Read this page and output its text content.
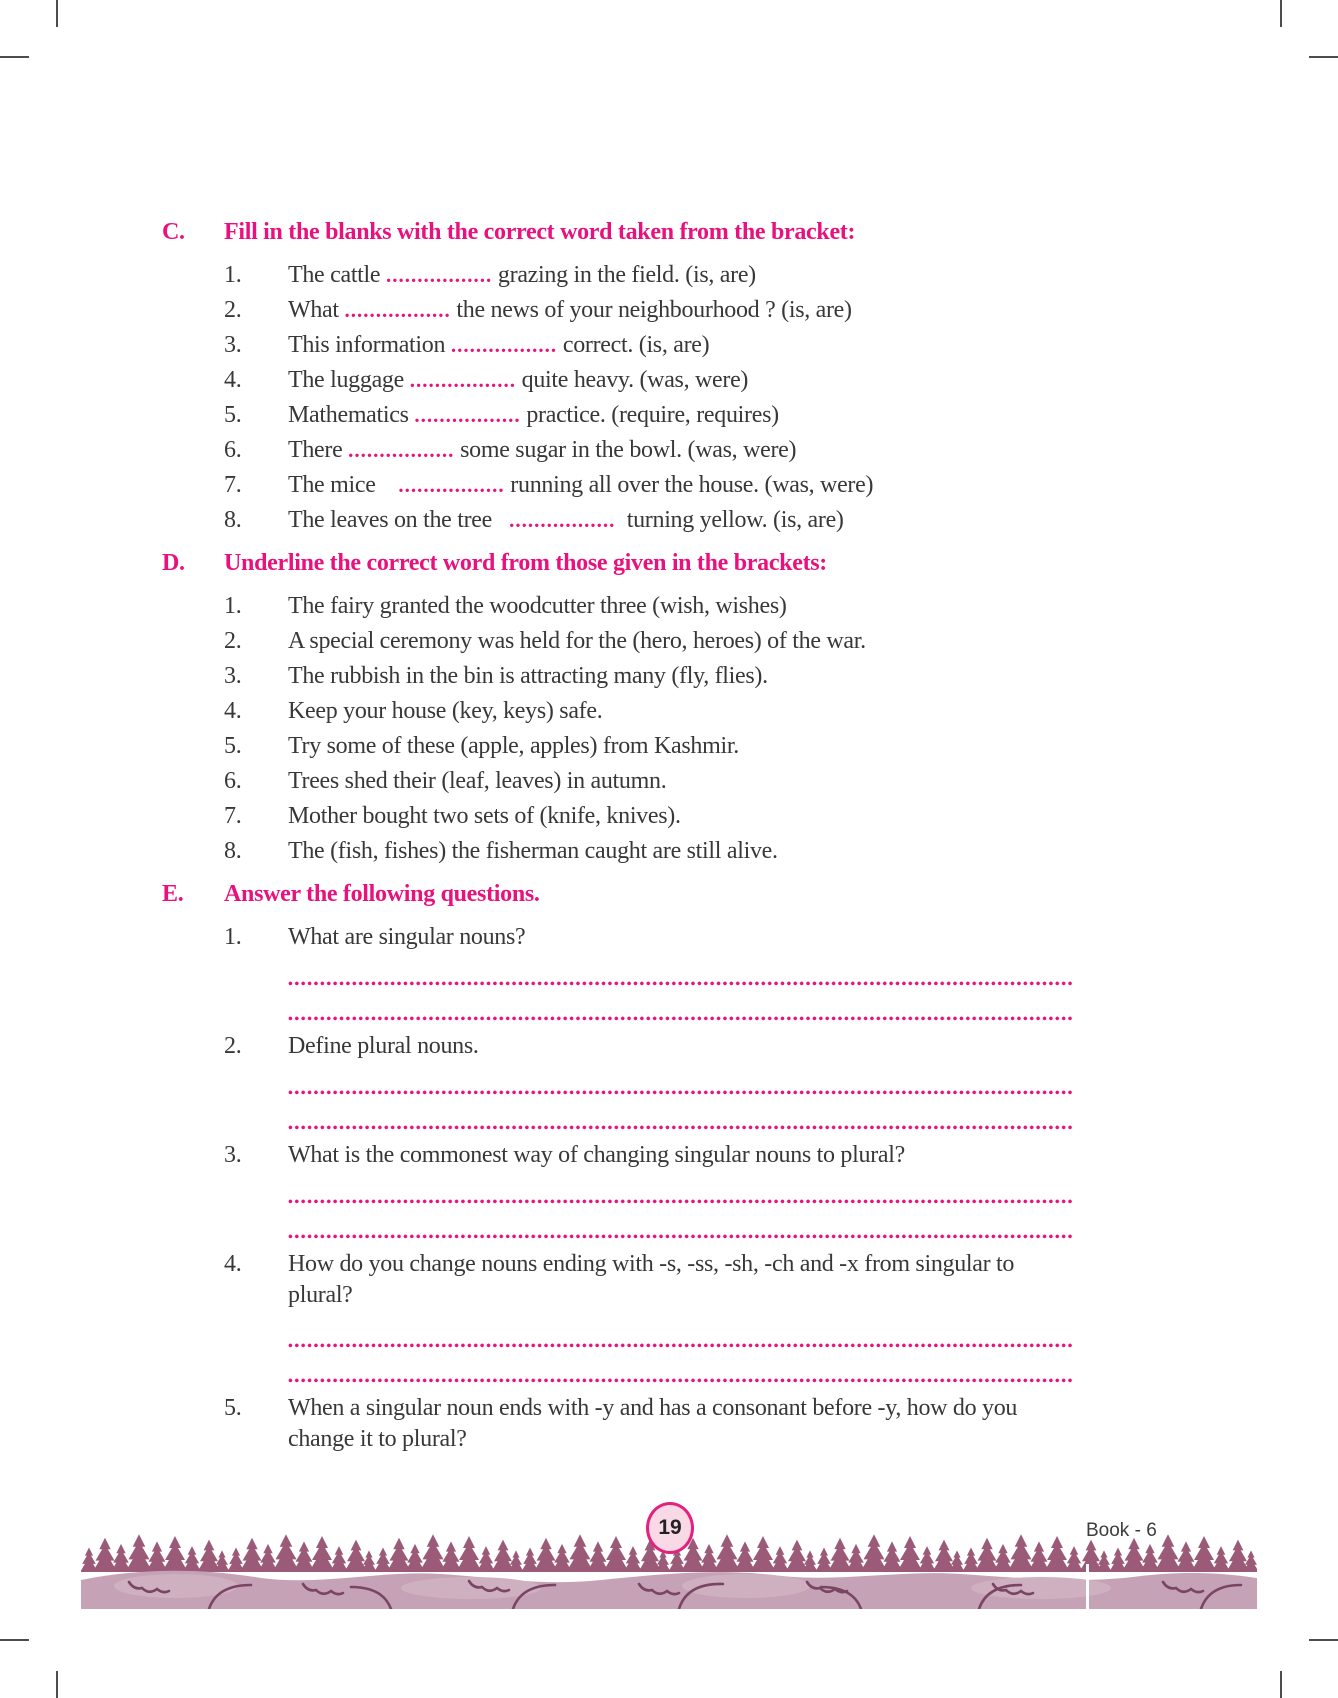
C.	Fill in the blanks with the correct word taken from the bracket:
1.	The cattle ................. grazing in the field. (is, are)
2.	What ................. the news of your neighbourhood ? (is, are)
3.	This information ................. correct. (is, are)
4.	The luggage ................. quite heavy. (was, were)
5.	Mathematics ................. practice. (require, requires)
6.	There ................. some sugar in the bowl. (was, were)
7.	The mice    ................. running all over the house. (was, were)
8.	The leaves on the tree   .................  turning yellow. (is, are)
D.	Underline the correct word from those given in the brackets:
1.	The fairy granted the woodcutter three (wish, wishes)
2.	A special ceremony was held for the (hero, heroes) of the war.
3.	The rubbish in the bin is attracting many (fly, flies).
4.	Keep your house (key, keys) safe.
5.	Try some of these (apple, apples) from Kashmir.
6.	Trees shed their (leaf, leaves) in autumn.
7.	Mother bought two sets of (knife, knives).
8.	The (fish, fishes) the fisherman caught are still alive.
E.	Answer the following questions.
1.	What are singular nouns?
2.	Define plural nouns.
3.	What is the commonest way of changing singular nouns to plural?
4.	How do you change nouns ending with -s, -ss, -sh, -ch and -x from singular to
plural?
5.	When a singular noun ends with -y and has a consonant before -y, how do you
change it to plural?
19	Book - 6
